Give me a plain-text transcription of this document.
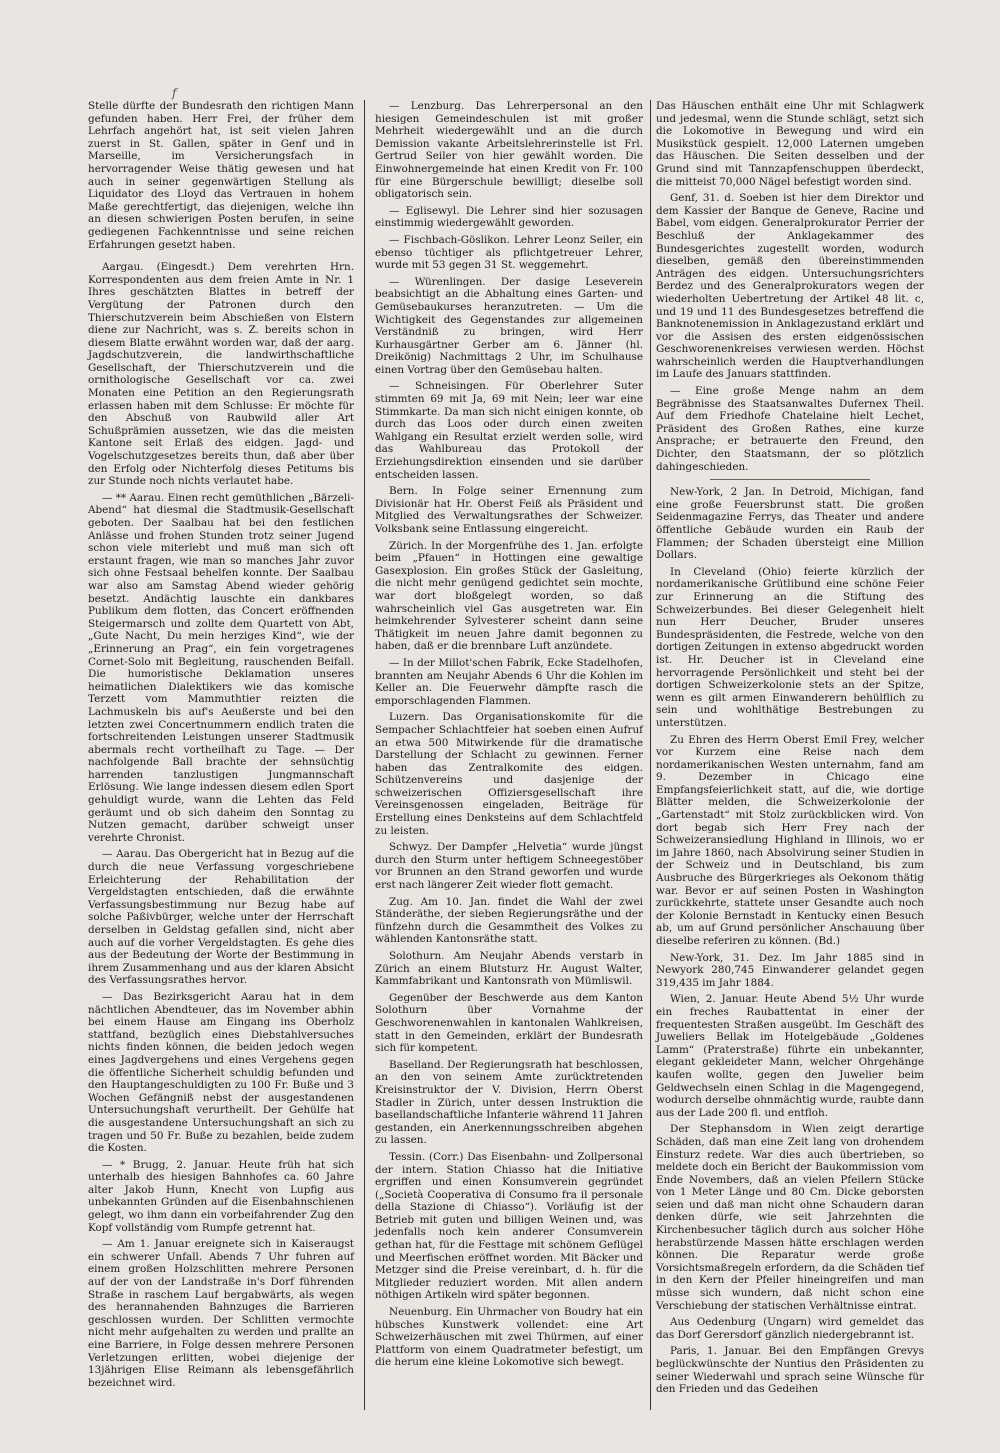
f

Stelle dürfte der Bundesrath den richtigen Mann gefunden haben. Herr Frei, der früher dem Lehrfach angehört hat, ist seit vielen Jahren zuerst in St. Gallen, später in Genf und in Marseille, im Versicherungsfach in hervorragender Weise thätig gewesen und hat auch in seiner gegenwärtigen Stellung als Liquidator des Lloyd das Vertrauen in hohem Maße gerechtfertigt, das diejenigen, welche ihn an diesen schwierigen Posten berufen, in seine gediegenen Fachkenntnisse und seine reichen Erfahrungen gesetzt haben.

Aargau. (Eingesdt.) Dem verehrten Hrn. Korrespondenten aus dem freien Amte in Nr. 1 Ihres geschätzten Blattes in betreff der Vergütung der Patronen durch den Thierschutzverein beim Abschießen von Elstern diene zur Nachricht, was s. Z. bereits schon in diesem Blatte erwähnt worden war, daß der aarg. Jagdschutzverein, die landwirthschaftliche Gesellschaft, der Thierschutzverein und die ornithologische Gesellschaft vor ca. zwei Monaten eine Petition an den Regierungsrath erlassen haben mit dem Schlusse: Er möchte für den Abschuß von Raubwild aller Art Schußprämien aussetzen, wie das die meisten Kantone seit Erlaß des eidgen. Jagd- und Vogelschutzgesetzes bereits thun, daß aber über den Erfolg oder Nichterfolg dieses Petitums bis zur Stunde noch nichts verlautet habe.

— ** Aarau. Einen recht gemüthlichen „Bärzeli-Abend“ hat diesmal die Stadtmusik-Gesellschaft geboten. Der Saalbau hat bei den festlichen Anlässe und frohen Stunden trotz seiner Jugend schon viele miterlebt und muß man sich oft erstaunt fragen, wie man so manches Jahr zuvor sich ohne Festsaal behelfen konnte. Der Saalbau war also am Samstag Abend wieder gehörig besetzt. Andächtig lauschte ein dankbares Publikum dem flotten, das Concert eröffnenden Steigermarsch und zollte dem Quartett von Abt, „Gute Nacht, Du mein herziges Kind“, wie der „Erinnerung an Prag“, ein fein vorgetragenes Cornet-Solo mit Begleitung, rauschenden Beifall. Die humoristische Deklamation unseres heimatlichen Dialektikers wie das komische Terzett vom Mammuthtier reizten die Lachmuskeln bis auf's Aeußerste und bei den letzten zwei Concertnummern endlich traten die fortschreitenden Leistungen unserer Stadtmusik abermals recht vortheilhaft zu Tage. — Der nachfolgende Ball brachte der sehnsüchtig harrenden tanzlustigen Jungmannschaft Erlösung. Wie lange indessen diesem edlen Sport gehuldigt wurde, wann die Lehten das Feld geräumt und ob sich daheim den Sonntag zu Nutzen gemacht, darüber schweigt unser verehrte Chronist.

— Aarau. Das Obergericht hat in Bezug auf die durch die neue Verfassung vorgeschriebene Erleichterung der Rehabilitation der Vergeldstagten entschieden, daß die erwähnte Verfassungsbestimmung nur Bezug habe auf solche Paßivbürger, welche unter der Herrschaft derselben in Geldstag gefallen sind, nicht aber auch auf die vorher Vergeldstagten. Es gehe dies aus der Bedeutung der Worte der Bestimmung in ihrem Zusammenhang und aus der klaren Absicht des Verfassungsrathes hervor.

— Das Bezirksgericht Aarau hat in dem nächtlichen Abendteuer, das im November abhin bei einem Hause am Eingang ins Oberholz stattfand, bezüglich eines Diebstahlversuches nichts finden können, die beiden jedoch wegen eines Jagdvergehens und eines Vergehens gegen die öffentliche Sicherheit schuldig befunden und den Hauptangeschuldigten zu 100 Fr. Buße und 3 Wochen Gefängniß nebst der ausgestandenen Untersuchungshaft verurtheilt. Der Gehülfe hat die ausgestandene Untersuchungshaft an sich zu tragen und 50 Fr. Buße zu bezahlen, beide zudem die Kosten.

— * Brugg, 2. Januar. Heute früh hat sich unterhalb des hiesigen Bahnhofes ca. 60 Jahre alter Jakob Hunn, Knecht von Lupfig aus unbekannten Gründen auf die Eisenbahnschienen gelegt, wo ihm dann ein vorbeifahrender Zug den Kopf vollständig vom Rumpfe getrennt hat.

— Am 1. Januar ereignete sich in Kaiseraugst ein schwerer Unfall. Abends 7 Uhr fuhren auf einem großen Holzschlitten mehrere Personen auf der von der Landstraße in's Dorf führenden Straße in raschem Lauf bergabwärts, als wegen des herannahenden Bahnzuges die Barrieren geschlossen wurden. Der Schlitten vermochte nicht mehr aufgehalten zu werden und prallte an eine Barriere, in Folge dessen mehrere Personen Verletzungen erlitten, wobei diejenige der 13jährigen Elise Reimann als lebensgefährlich bezeichnet wird.

— Lenzburg. Das Lehrerpersonal an den hiesigen Gemeindeschulen ist mit großer Mehrheit wiedergewählt und an die durch Demission vakante Arbeitslehrerinstelle ist Frl. Gertrud Seiler von hier gewählt worden. Die Einwohnergemeinde hat einen Kredit von Fr. 100 für eine Bürgerschule bewilligt; dieselbe soll obligatorisch sein.

— Eglisewyl. Die Lehrer sind hier sozusagen einstimmig wiedergewählt geworden.

— Fischbach-Göslikon. Lehrer Leonz Seiler, ein ebenso tüchtiger als pflichtgetreuer Lehrer, wurde mit 53 gegen 31 St. weggemehrt.

— Würenlingen. Der dasige Leseverein beabsichtigt an die Abhaltung eines Garten- und Gemüsebaukurses heranzutreten. — Um die Wichtigkeit des Gegenstandes zur allgemeinen Verständniß zu bringen, wird Herr Kurhausgärtner Gerber am 6. Jänner (hl. Dreikönig) Nachmittags 2 Uhr, im Schulhause einen Vortrag über den Gemüsebau halten.

— Schneisingen. Für Oberlehrer Suter stimmten 69 mit Ja, 69 mit Nein; leer war eine Stimmkarte. Da man sich nicht einigen konnte, ob durch das Loos oder durch einen zweiten Wahlgang ein Resultat erzielt werden solle, wird das Wahlbureau das Protokoll der Erziehungsdirektion einsenden und sie darüber entscheiden lassen.

Bern. In Folge seiner Ernennung zum Divisionär hat Hr. Oberst Feiß als Präsident und Mitglied des Verwaltungsrathes der Schweizer. Volksbank seine Entlassung eingereicht.

Zürich. In der Morgenfrühe des 1. Jan. erfolgte beim „Pfauen“ in Hottingen eine gewaltige Gasexplosion. Ein großes Stück der Gasleitung, die nicht mehr genügend gedichtet sein mochte, war dort bloßgelegt worden, so daß wahrscheinlich viel Gas ausgetreten war. Ein heimkehrender Sylvesterer scheint dann seine Thätigkeit im neuen Jahre damit begonnen zu haben, daß er die brennbare Luft anzündete.

— In der Millot'schen Fabrik, Ecke Stadelhofen, brannten am Neujahr Abends 6 Uhr die Kohlen im Keller an. Die Feuerwehr dämpfte rasch die emporschlagenden Flammen.

Luzern. Das Organisationskomite für die Sempacher Schlachtfeier hat soeben einen Aufruf an etwa 500 Mitwirkende für die dramatische Darstellung der Schlacht zu gewinnen. Ferner haben das Zentralkomite des eidgen. Schützenvereins und dasjenige der schweizerischen Offiziersgesellschaft ihre Vereinsgenossen eingeladen, Beiträge für Erstellung eines Denksteins auf dem Schlachtfeld zu leisten.

Schwyz. Der Dampfer „Helvetia“ wurde jüngst durch den Sturm unter heftigem Schneegestöber vor Brunnen an den Strand geworfen und wurde erst nach längerer Zeit wieder flott gemacht.

Zug. Am 10. Jan. findet die Wahl der zwei Ständeräthe, der sieben Regierungsräthe und der fünfzehn durch die Gesammtheit des Volkes zu wählenden Kantonsräthe statt.

Solothurn. Am Neujahr Abends verstarb in Zürich an einem Blutsturz Hr. August Walter, Kammfabrikant und Kantonsrath von Mümliswil.

Gegenüber der Beschwerde aus dem Kanton Solothurn über Vornahme der Geschworenenwahlen in kantonalen Wahlkreisen, statt in den Gemeinden, erklärt der Bundesrath sich für kompetent.

Baselland. Der Regierungsrath hat beschlossen, an den von seinem Amte zurücktretenden Kreisinstruktor der V. Division, Herrn Oberst Stadler in Zürich, unter dessen Instruktion die basellandschaftliche Infanterie während 11 Jahren gestanden, ein Anerkennungsschreiben abgehen zu lassen.

Tessin. (Corr.) Das Eisenbahn- und Zollpersonal der intern. Station Chiasso hat die Initiative ergriffen und einen Konsumverein gegründet („Società Cooperativa di Consumo fra il personale della Stazione di Chiasso“). Vorläufig ist der Betrieb mit guten und billigen Weinen und, was jedenfalls noch kein anderer Consumverein gethan hat, für die Festtage mit schönem Geflügel und Meerfischen eröffnet worden. Mit Bäcker und Metzger sind die Preise vereinbart, d. h. für die Mitglieder reduziert worden. Mit allen andern nöthigen Artikeln wird später begonnen.

Neuenburg. Ein Uhrmacher von Boudry hat ein hübsches Kunstwerk vollendet: eine Art Schweizerhäuschen mit zwei Thürmen, auf einer Plattform von einem Quadratmeter befestigt, um die herum eine kleine Lokomotive sich bewegt.

Das Häuschen enthält eine Uhr mit Schlagwerk und jedesmal, wenn die Stunde schlägt, setzt sich die Lokomotive in Bewegung und wird ein Musikstück gespielt. 12,000 Laternen umgeben das Häuschen. Die Seiten desselben und der Grund sind mit Tannzapfenschuppen überdeckt, die mitteist 70,000 Nägel befestigt worden sind.

Genf, 31. d. Soeben ist hier dem Direktor und dem Kassier der Banque de Geneve, Racine und Babel, vom eidgen. Generalprokurator Perrier der Beschluß der Anklagekammer des Bundesgerichtes zugestellt worden, wodurch dieselben, gemäß den übereinstimmenden Anträgen des eidgen. Untersuchungsrichters Berdez und des Generalprokurators wegen der wiederholten Uebertretung der Artikel 48 lit. c, und 19 und 11 des Bundesgesetzes betreffend die Banknotenemission in Anklagezustand erklärt und vor die Assisen des ersten eidgenössischen Geschworenenkreises verwiesen werden. Höchst wahrscheinlich werden die Hauptverhandlungen im Laufe des Januars stattfinden.

— Eine große Menge nahm an dem Begräbnisse des Staatsanwaltes Dufernex Theil. Auf dem Friedhofe Chatelaine hielt Lechet, Präsident des Großen Rathes, eine kurze Ansprache; er betrauerte den Freund, den Dichter, den Staatsmann, der so plötzlich dahingeschieden.

New-York, 2 Jan. In Detroid, Michigan, fand eine große Feuersbrunst statt. Die großen Seidenmagazine Ferrys, das Theater und andere öffentliche Gebäude wurden ein Raub der Flammen; der Schaden übersteigt eine Million Dollars.

In Cleveland (Ohio) feierte kürzlich der nordamerikanische Grütlibund eine schöne Feier zur Erinnerung an die Stiftung des Schweizerbundes. Bei dieser Gelegenheit hielt nun Herr Deucher, Bruder unseres Bundespräsidenten, die Festrede, welche von den dortigen Zeitungen in extenso abgedruckt worden ist. Hr. Deucher ist in Cleveland eine hervorragende Persönlichkeit und steht bei der dortigen Schweizerkolonie stets an der Spitze, wenn es gilt armen Einwanderern behülflich zu sein und wohlthätige Bestrebungen zu unterstützen.

Zu Ehren des Herrn Oberst Emil Frey, welcher vor Kurzem eine Reise nach dem nordamerikanischen Westen unternahm, fand am 9. Dezember in Chicago eine Empfangsfeierlichkeit statt, auf die, wie dortige Blätter melden, die Schweizerkolonie der „Gartenstadt“ mit Stolz zurückblicken wird. Von dort begab sich Herr Frey nach der Schweizeransiedlung Highland in Illinois, wo er im Jahre 1860, nach Absolvirung seiner Studien in der Schweiz und in Deutschland, bis zum Ausbruche des Bürgerkrieges als Oekonom thätig war. Bevor er auf seinen Posten in Washington zurückkehrte, stattete unser Gesandte auch noch der Kolonie Bernstadt in Kentucky einen Besuch ab, um auf Grund persönlicher Anschauung über dieselbe referiren zu können. (Bd.)

New-York, 31. Dez. Im Jahr 1885 sind in Newyork 280,745 Einwanderer gelandet gegen 319,435 im Jahr 1884.

Wien, 2. Januar. Heute Abend 5½ Uhr wurde ein freches Raubattentat in einer der frequentesten Straßen ausgeübt. Im Geschäft des Juweliers Bellak im Hotelgebäude „Goldenes Lamm“ (Praterstraße) führte ein unbekannter, elegant gekleideter Mann, welcher Ohrgehänge kaufen wollte, gegen den Juwelier beim Geldwechseln einen Schlag in die Magengegend, wodurch derselbe ohnmächtig wurde, raubte dann aus der Lade 200 fl. und entfloh.

Der Stephansdom in Wien zeigt derartige Schäden, daß man eine Zeit lang von drohendem Einsturz redete. War dies auch übertrieben, so meldete doch ein Bericht der Baukommission vom Ende Novembers, daß an vielen Pfeilern Stücke von 1 Meter Länge und 80 Cm. Dicke geborsten seien und daß man nicht ohne Schaudern daran denken dürfe, wie seit Jahrzehnten die Kirchenbesucher täglich durch aus solcher Höhe herabstürzende Massen hätte erschlagen werden können. Die Reparatur werde große Vorsichtsmaßregeln erfordern, da die Schäden tief in den Kern der Pfeiler hineingreifen und man müsse sich wundern, daß nicht schon eine Verschiebung der statischen Verhältnisse eintrat.

Aus Oedenburg (Ungarn) wird gemeldet das das Dorf Gerersdorf gänzlich niedergebrannt ist.

Paris, 1. Januar. Bei den Empfängen Grevys beglückwünschte der Nuntius den Präsidenten zu seiner Wiederwahl und sprach seine Wünsche für den Frieden und das Gedeihen
